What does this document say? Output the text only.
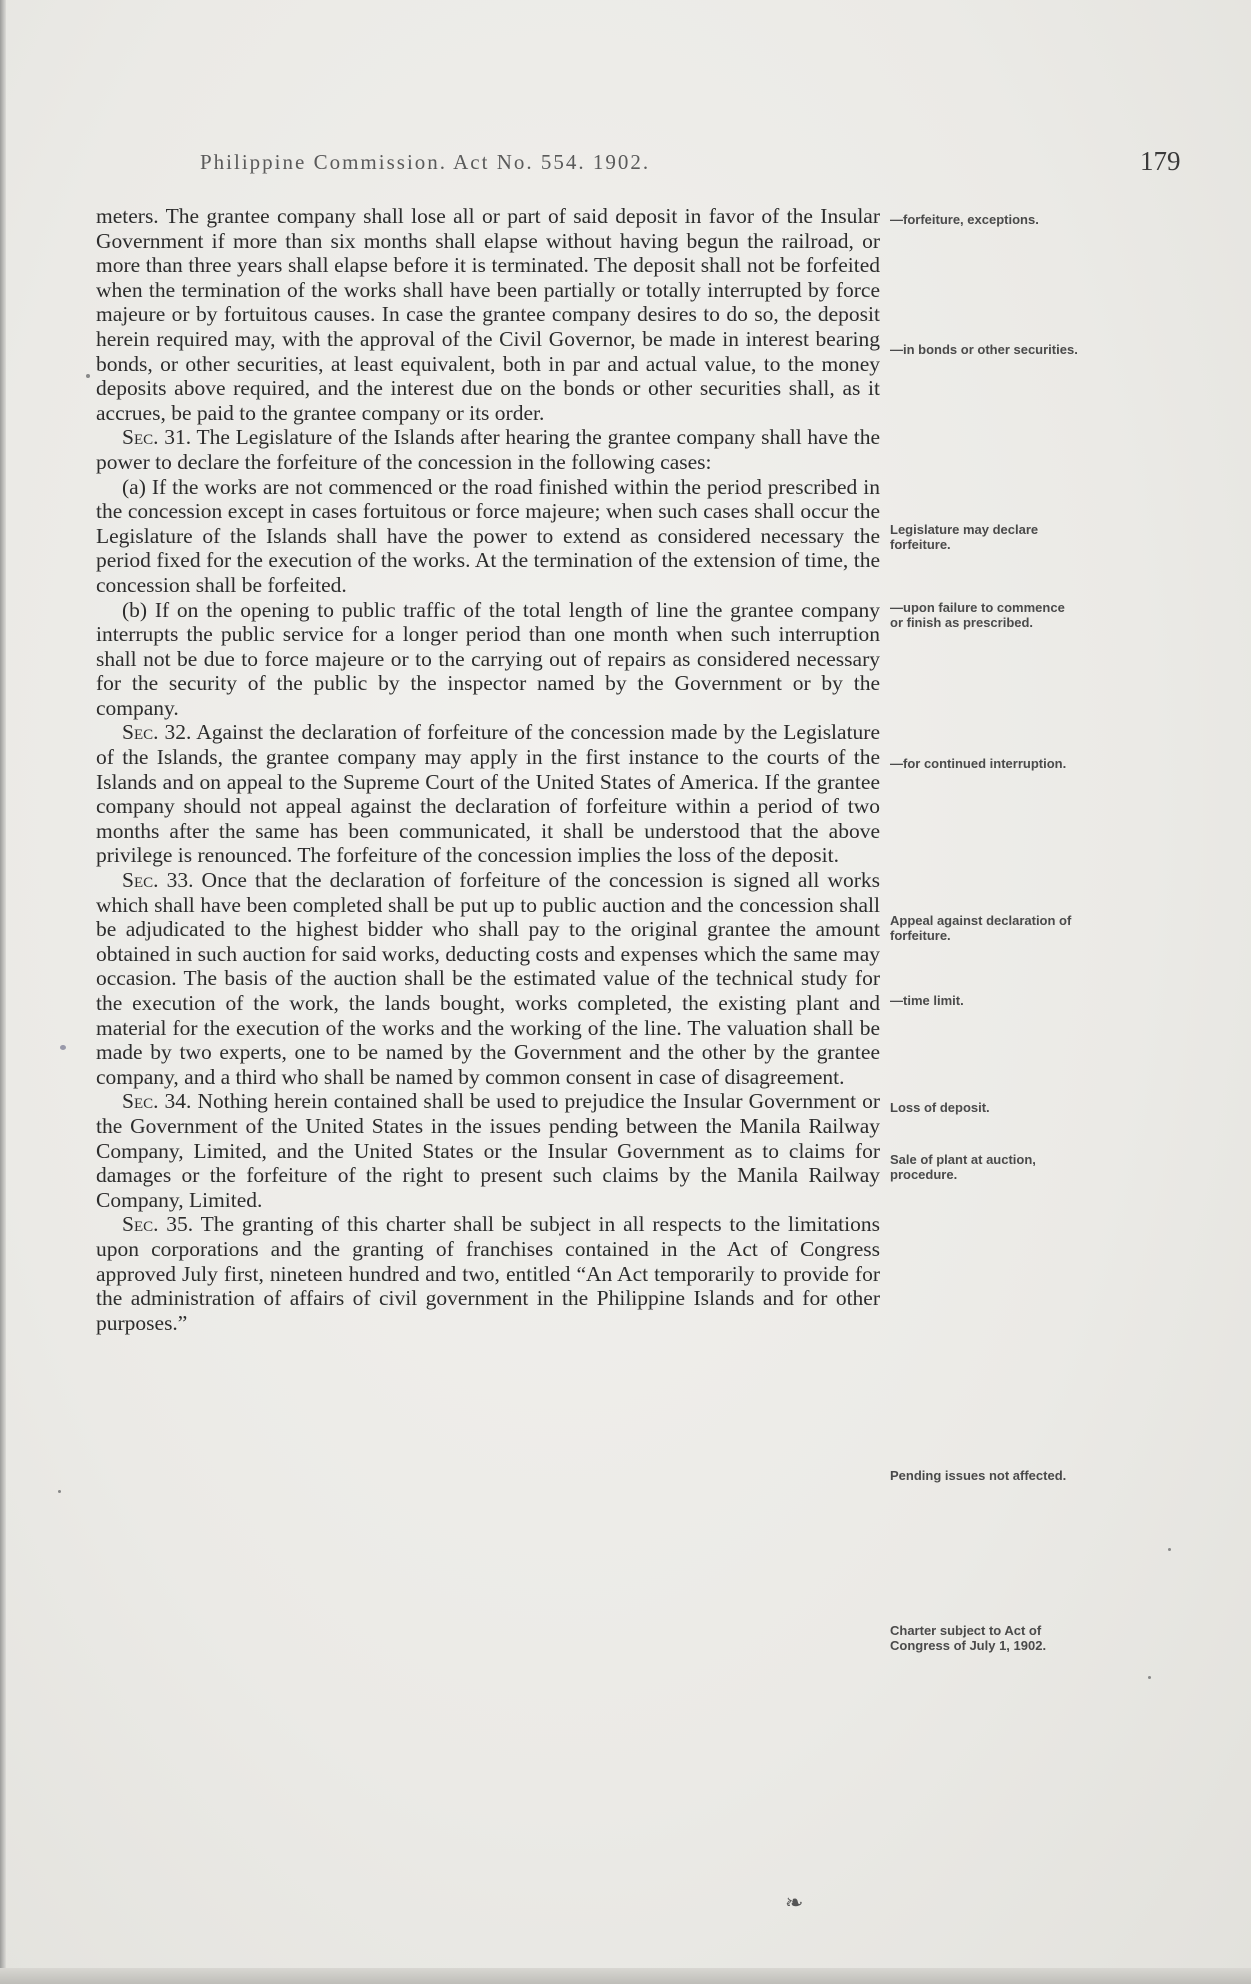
Philippine Commission. Act No. 554. 1902.	179

meters. The grantee company shall lose all or part of said deposit in favor of the Insular Government if more than six months shall elapse without having begun the railroad, or more than three years shall elapse before it is terminated. The deposit shall not be forfeited when the termination of the works shall have been partially or totally interrupted by force majeure or by fortuitous causes. In case the grantee company desires to do so, the deposit herein required may, with the approval of the Civil Governor, be made in interest bearing bonds, or other securities, at least equivalent, both in par and actual value, to the money deposits above required, and the interest due on the bonds or other securities shall, as it accrues, be paid to the grantee company or its order.

Sec. 31. The Legislature of the Islands after hearing the grantee company shall have the power to declare the forfeiture of the concession in the following cases:

(a) If the works are not commenced or the road finished within the period prescribed in the concession except in cases fortuitous or force majeure; when such cases shall occur the Legislature of the Islands shall have the power to extend as considered necessary the period fixed for the execution of the works. At the termination of the extension of time, the concession shall be forfeited.

(b) If on the opening to public traffic of the total length of line the grantee company interrupts the public service for a longer period than one month when such interruption shall not be due to force majeure or to the carrying out of repairs as considered necessary for the security of the public by the inspector named by the Government or by the company.

Sec. 32. Against the declaration of forfeiture of the concession made by the Legislature of the Islands, the grantee company may apply in the first instance to the courts of the Islands and on appeal to the Supreme Court of the United States of America. If the grantee company should not appeal against the declaration of forfeiture within a period of two months after the same has been communicated, it shall be understood that the above privilege is renounced. The forfeiture of the concession implies the loss of the deposit.

Sec. 33. Once that the declaration of forfeiture of the concession is signed all works which shall have been completed shall be put up to public auction and the concession shall be adjudicated to the highest bidder who shall pay to the original grantee the amount obtained in such auction for said works, deducting costs and expenses which the same may occasion. The basis of the auction shall be the estimated value of the technical study for the execution of the work, the lands bought, works completed, the existing plant and material for the execution of the works and the working of the line. The valuation shall be made by two experts, one to be named by the Government and the other by the grantee company, and a third who shall be named by common consent in case of disagreement.

Sec. 34. Nothing herein contained shall be used to prejudice the Insular Government or the Government of the United States in the issues pending between the Manila Railway Company, Limited, and the United States or the Insular Government as to claims for damages or the forfeiture of the right to present such claims by the Manila Railway Company, Limited.

Sec. 35. The granting of this charter shall be subject in all respects to the limitations upon corporations and the granting of franchises contained in the Act of Congress approved July first, nineteen hundred and two, entitled “An Act temporarily to provide for the administration of affairs of civil government in the Philippine Islands and for other purposes.”

—forfeiture, exceptions.
—in bonds or other securities.
Legislature may declare forfeiture.
—upon failure to commence or finish as prescribed.
—for continued interruption.
Appeal against declaration of forfeiture.
—time limit.
Loss of deposit.
Sale of plant at auction, procedure.
Pending issues not affected.
Charter subject to Act of Congress of July 1, 1902.
❧
